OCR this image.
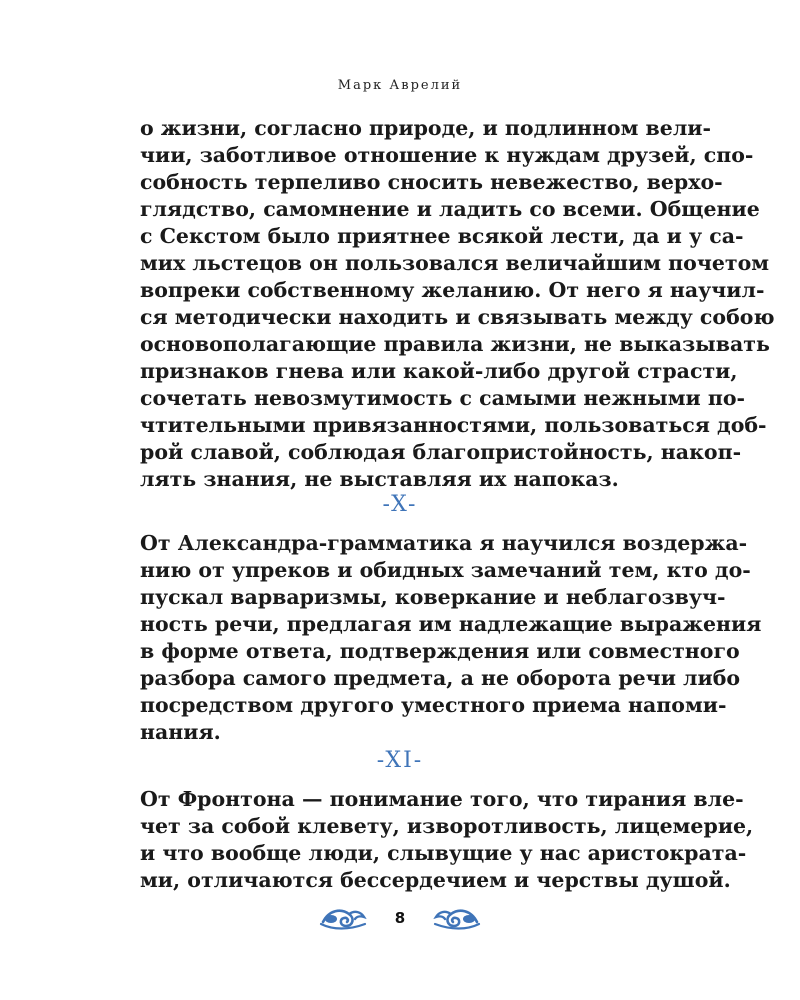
Марк Аврелий
о жизни, согласно природе, и подлинном вели-
чии, заботливое отношение к нуждам друзей, спо-
собность терпеливо сносить невежество, верхо-
глядство, самомнение и ладить со всеми. Общение
с Секстом было приятнее всякой лести, да и у са-
мих льстецов он пользовался величайшим почетом
вопреки собственному желанию. От него я научил-
ся методически находить и связывать между собою
основополагающие правила жизни, не выказывать
признаков гнева или какой-либо другой страсти,
сочетать невозмутимость с самыми нежными по-
чтительными привязанностями, пользоваться доб-
рой славой, соблюдая благопристойность, накоп-
лять знания, не выставляя их напоказ.
-X-
От Александра-грамматика я научился воздержа-
нию от упреков и обидных замечаний тем, кто до-
пускал варваризмы, коверкание и неблагозвуч-
ность речи, предлагая им надлежащие выражения
в форме ответа, подтверждения или совместного
разбора самого предмета, а не оборота речи либо
посредством другого уместного приема напоми-
нания.
-XI-
От Фронтона — понимание того, что тирания вле-
чет за собой клевету, изворотливость, лицемерие,
и что вообще люди, слывущие у нас аристократа-
ми, отличаются бессердечием и черствы душой.
8
